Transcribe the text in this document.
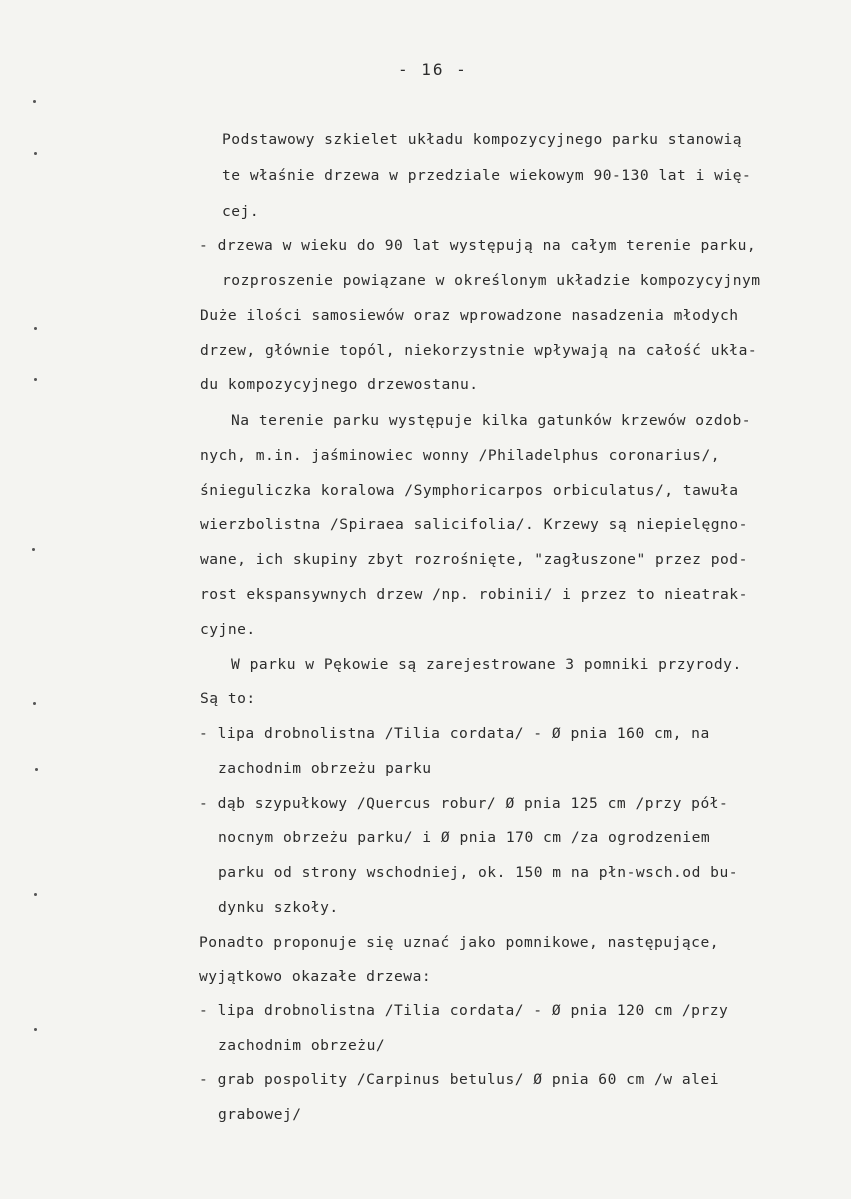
- 16 -
Podstawowy szkielet układu kompozycyjnego parku stanowią
te właśnie drzewa w przedziale wiekowym 90-130 lat i wię-
cej.
- drzewa w wieku do 90 lat występują na całym terenie parku,
rozproszenie powiązane w określonym układzie kompozycyjnym
Duże ilości samosiewów oraz wprowadzone nasadzenia młodych
drzew, głównie topól, niekorzystnie wpływają na całość ukła-
du kompozycyjnego drzewostanu.
Na terenie parku występuje kilka gatunków krzewów ozdob-
nych, m.in. jaśminowiec wonny /Philadelphus coronarius/,
śnieguliczka koralowa /Symphoricarpos orbiculatus/, tawuła
wierzbolistna /Spiraea salicifolia/. Krzewy są niepielęgno-
wane, ich skupiny zbyt rozrośnięte, "zagłuszone" przez pod-
rost ekspansywnych drzew /np. robinii/ i przez to nieatrak-
cyjne.
W parku w Pękowie są zarejestrowane 3 pomniki przyrody.
Są to:
- lipa drobnolistna /Tilia cordata/ - Ø pnia 160 cm, na
zachodnim obrzeżu parku
- dąb szypułkowy /Quercus robur/ Ø pnia 125 cm /przy pół-
nocnym obrzeżu parku/ i Ø pnia 170 cm /za ogrodzeniem
parku od strony wschodniej, ok. 150 m na płn-wsch.od bu-
dynku szkoły.
Ponadto proponuje się uznać jako pomnikowe, następujące,
wyjątkowo okazałe drzewa:
- lipa drobnolistna /Tilia cordata/ - Ø pnia 120 cm /przy
zachodnim obrzeżu/
- grab pospolity /Carpinus betulus/ Ø pnia 60 cm /w alei
grabowej/
